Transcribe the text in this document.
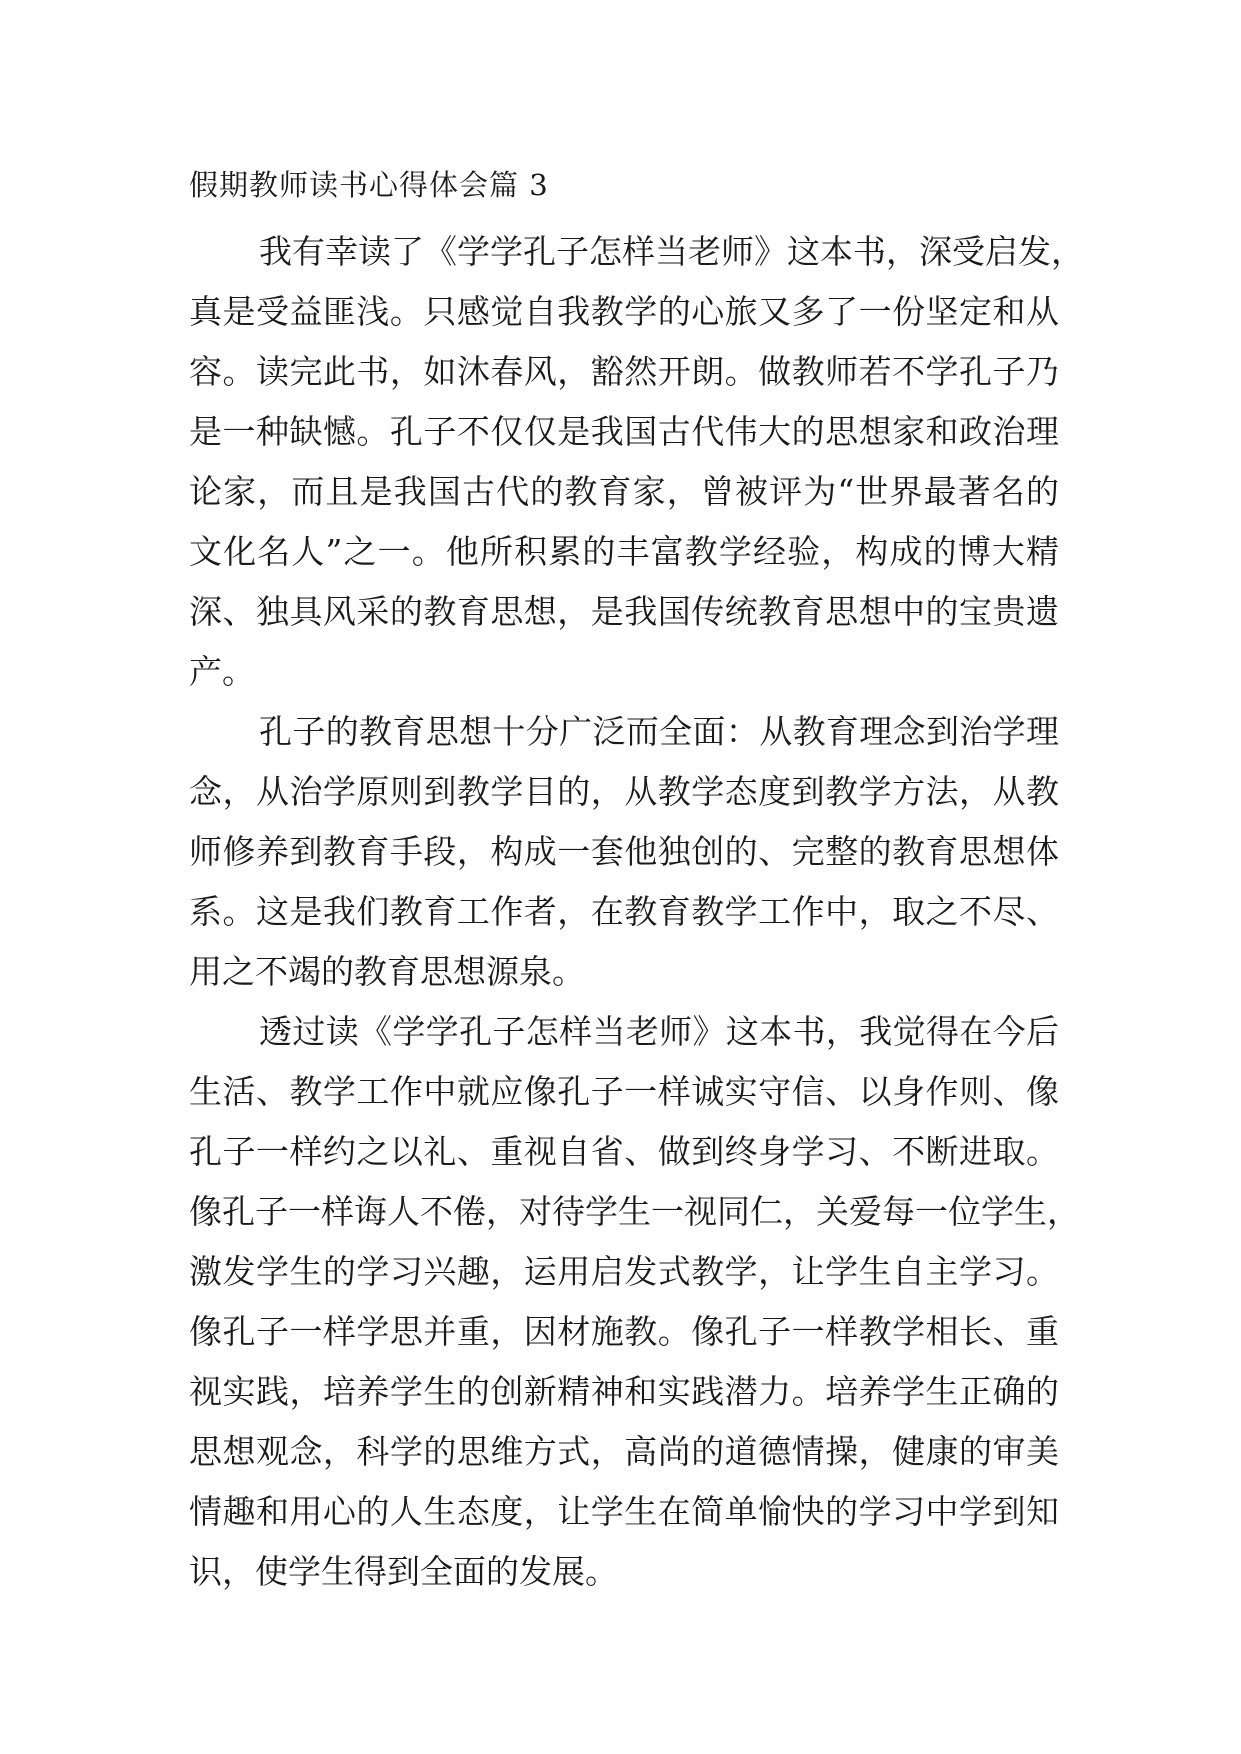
假期教师读书心得体会篇 3

我有幸读了《学学孔子怎样当老师》这本书，深受启发，
真是受益匪浅。只感觉自我教学的心旅又多了一份坚定和从
容。读完此书，如沐春风，豁然开朗。做教师若不学孔子乃
是一种缺憾。孔子不仅仅是我国古代伟大的思想家和政治理
论家，而且是我国古代的教育家，曾被评为“世界最著名的
文化名人”之一。他所积累的丰富教学经验，构成的博大精
深、独具风采的教育思想，是我国传统教育思想中的宝贵遗
产。

孔子的教育思想十分广泛而全面：从教育理念到治学理
念，从治学原则到教学目的，从教学态度到教学方法，从教
师修养到教育手段，构成一套他独创的、完整的教育思想体
系。这是我们教育工作者，在教育教学工作中，取之不尽、
用之不竭的教育思想源泉。

透过读《学学孔子怎样当老师》这本书，我觉得在今后
生活、教学工作中就应像孔子一样诚实守信、以身作则、像
孔子一样约之以礼、重视自省、做到终身学习、不断进取。
像孔子一样诲人不倦，对待学生一视同仁，关爱每一位学生，
激发学生的学习兴趣，运用启发式教学，让学生自主学习。
像孔子一样学思并重，因材施教。像孔子一样教学相长、重
视实践，培养学生的创新精神和实践潜力。培养学生正确的
思想观念，科学的思维方式，高尚的道德情操，健康的审美
情趣和用心的人生态度，让学生在简单愉快的学习中学到知
识，使学生得到全面的发展。
